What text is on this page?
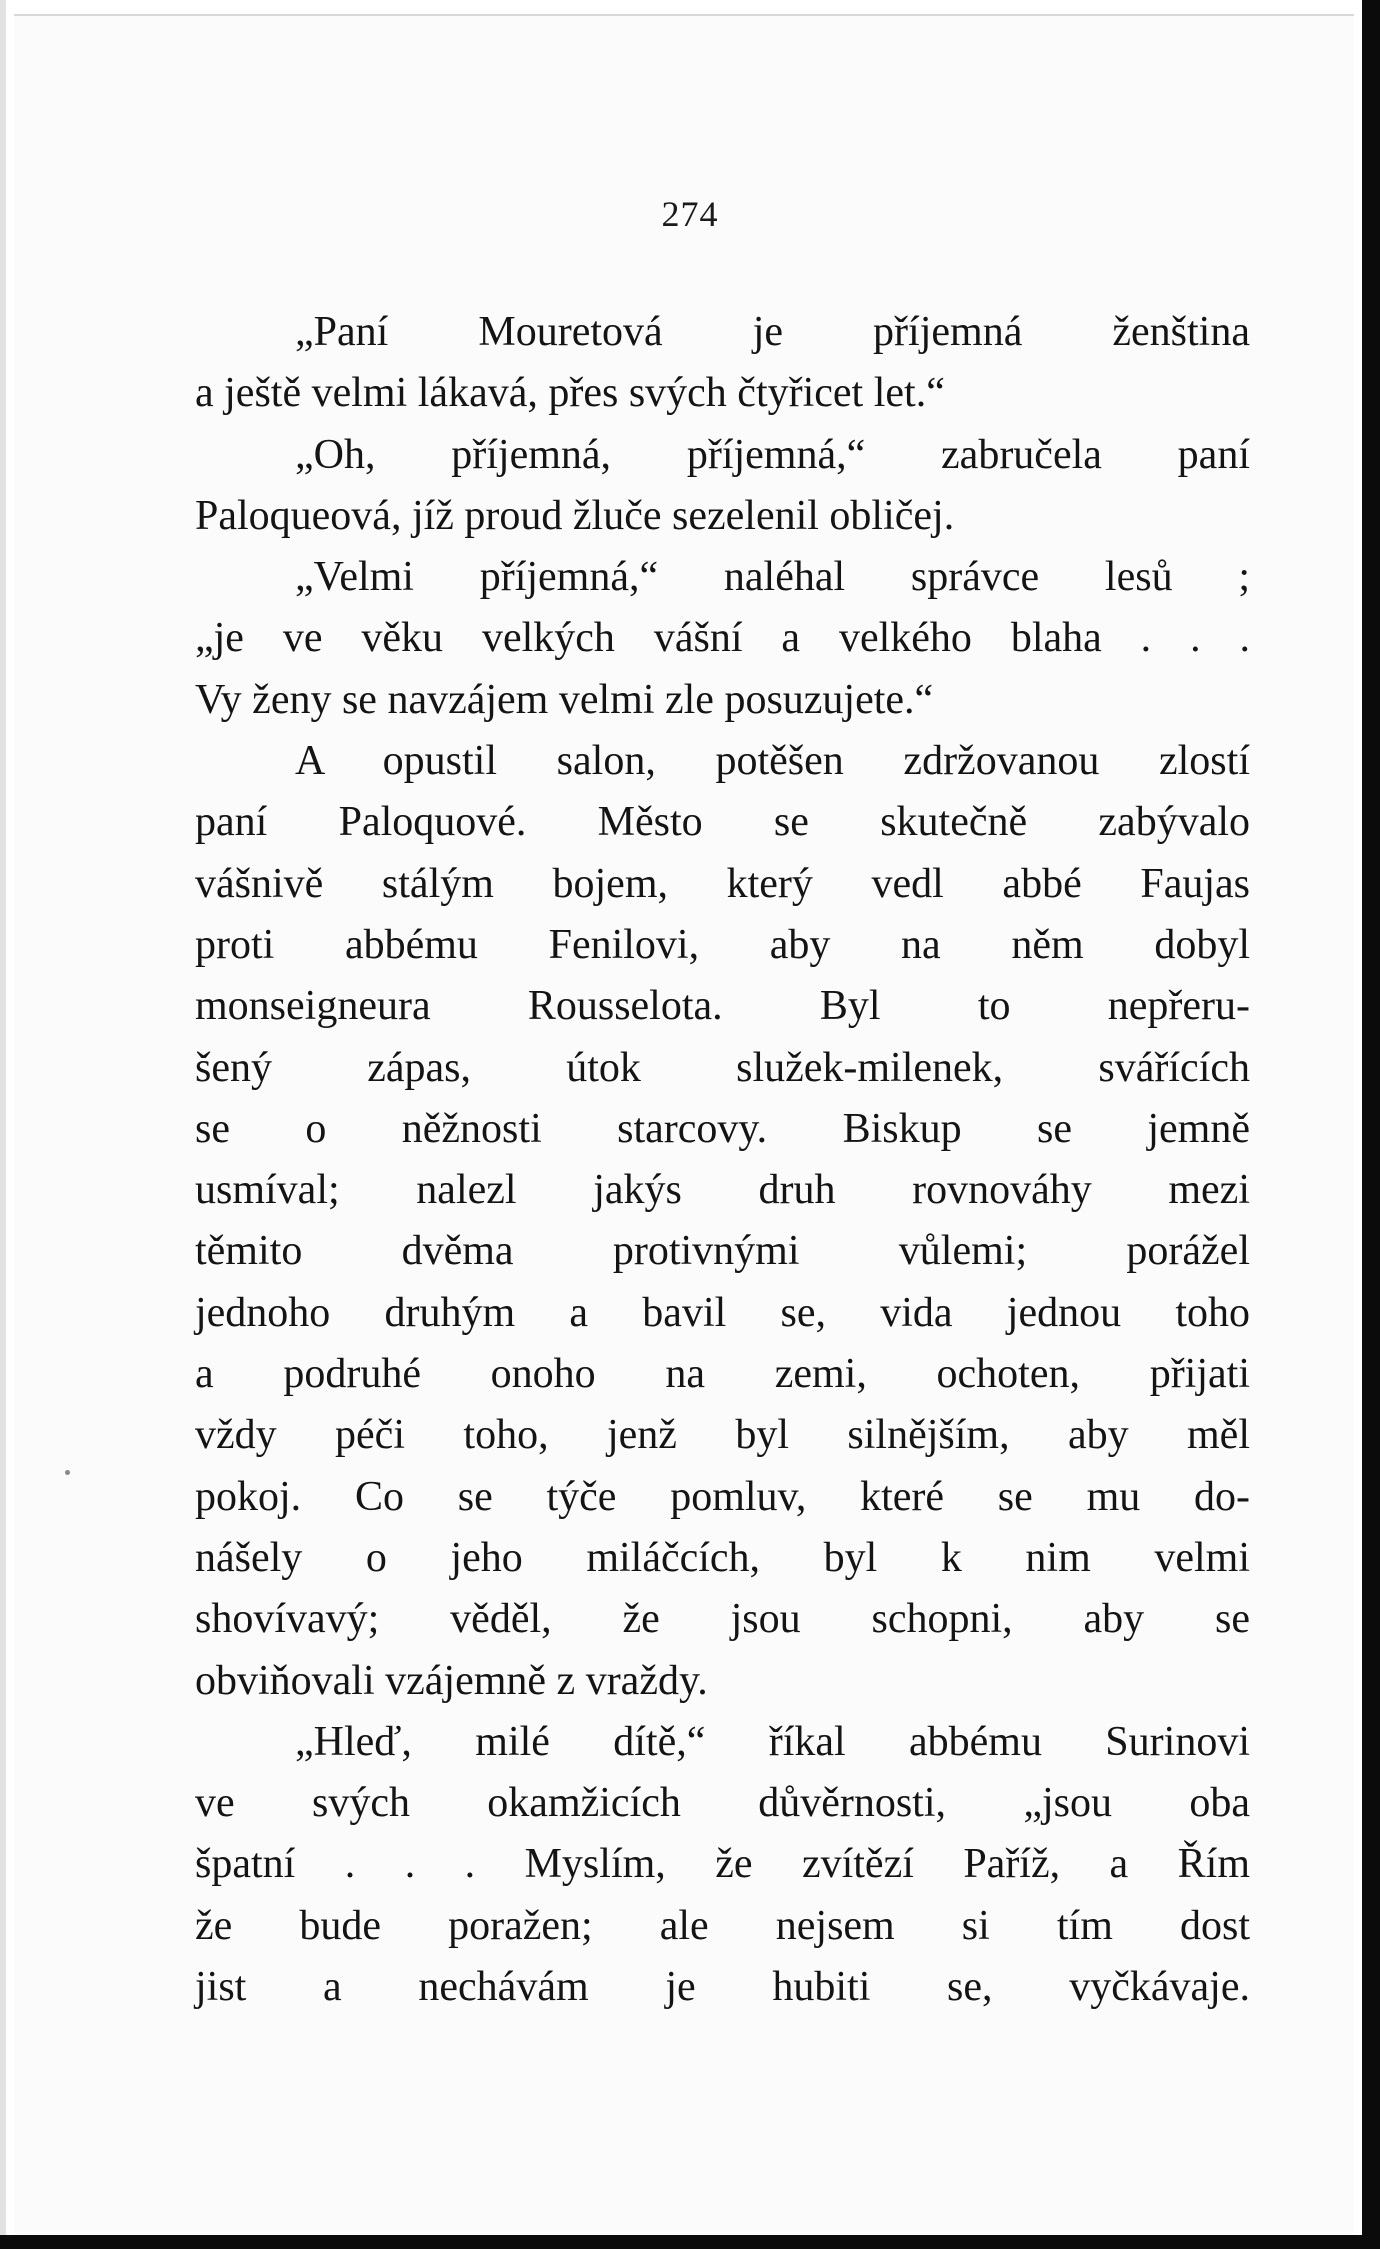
274
„Paní Mouretová je příjemná ženština
a ještě velmi lákavá, přes svých čtyřicet let.“
„Oh, příjemná, příjemná,“ zabručela paní
Paloqueová, jíž proud žluče sezelenil obličej.
„Velmi příjemná,“ naléhal správce lesů ;
„je ve věku velkých vášní a velkého blaha . . .
Vy ženy se navzájem velmi zle posuzujete.“
A opustil salon, potěšen zdržovanou zlostí
paní Paloquové. Město se skutečně zabývalo
vášnivě stálým bojem, který vedl abbé Faujas
proti abbému Fenilovi, aby na něm dobyl
monseigneura Rousselota. Byl to nepřeru-
šený zápas, útok služek-milenek, svářících
se o něžnosti starcovy. Biskup se jemně
usmíval; nalezl jakýs druh rovnováhy mezi
těmito dvěma protivnými vůlemi; porážel
jednoho druhým a bavil se, vida jednou toho
a podruhé onoho na zemi, ochoten, přijati
vždy péči toho, jenž byl silnějším, aby měl
pokoj. Co se týče pomluv, které se mu do-
nášely o jeho miláčcích, byl k nim velmi
shovívavý; věděl, že jsou schopni, aby se
obviňovali vzájemně z vraždy.
„Hleď, milé dítě,“ říkal abbému Surinovi
ve svých okamžicích důvěrnosti, „jsou oba
špatní . . . Myslím, že zvítězí Paříž, a Řím
že bude poražen; ale nejsem si tím dost
jist a nechávám je hubiti se, vyčkávaje.
